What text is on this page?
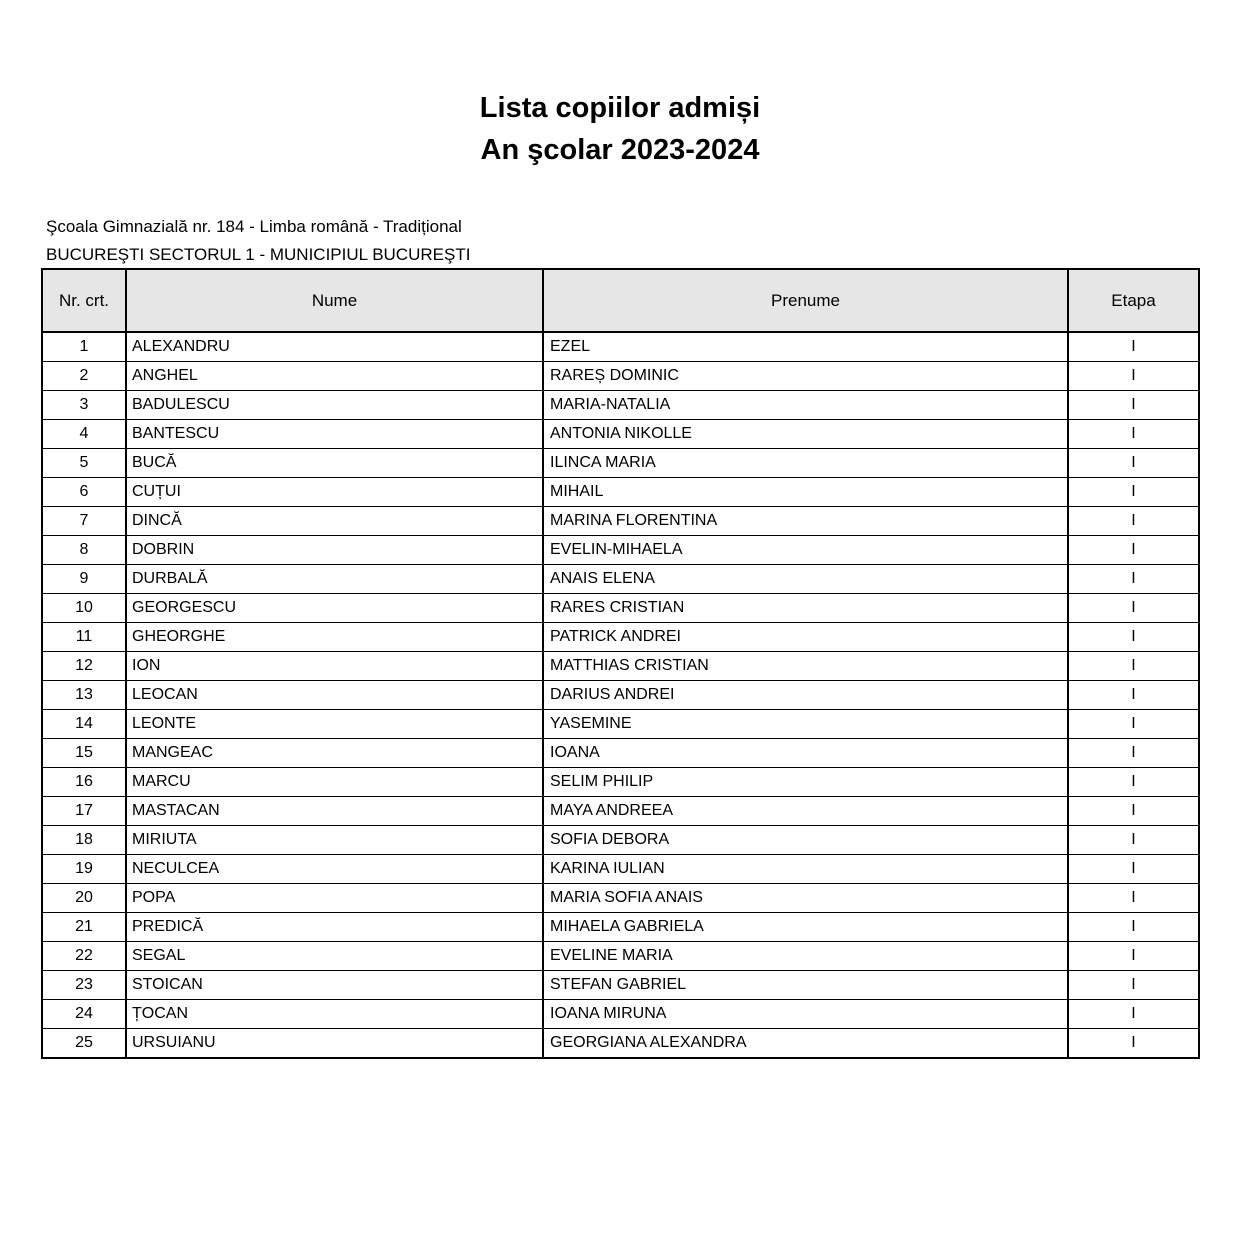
Lista copiilor admiși
An şcolar 2023-2024
Şcoala Gimnazială nr. 184 - Limba română - Tradițional
BUCUREŞTI SECTORUL 1 - MUNICIPIUL BUCUREŞTI
Nr. crt.	Nume	Prenume	Etapa
1	ALEXANDRU	EZEL	I
2	ANGHEL	RAREȘ DOMINIC	I
3	BADULESCU	MARIA-NATALIA	I
4	BANTESCU	ANTONIA NIKOLLE	I
5	BUCĂ	ILINCA MARIA	I
6	CUȚUI	MIHAIL	I
7	DINCĂ	MARINA FLORENTINA	I
8	DOBRIN	EVELIN-MIHAELA	I
9	DURBALĂ	ANAIS ELENA	I
10	GEORGESCU	RARES CRISTIAN	I
11	GHEORGHE	PATRICK ANDREI	I
12	ION	MATTHIAS CRISTIAN	I
13	LEOCAN	DARIUS ANDREI	I
14	LEONTE	YASEMINE	I
15	MANGEAC	IOANA	I
16	MARCU	SELIM PHILIP	I
17	MASTACAN	MAYA ANDREEA	I
18	MIRIUTA	SOFIA DEBORA	I
19	NECULCEA	KARINA IULIAN	I
20	POPA	MARIA SOFIA ANAIS	I
21	PREDICĂ	MIHAELA GABRIELA	I
22	SEGAL	EVELINE MARIA	I
23	STOICAN	STEFAN GABRIEL	I
24	ȚOCAN	IOANA MIRUNA	I
25	URSUIANU	GEORGIANA ALEXANDRA	I
